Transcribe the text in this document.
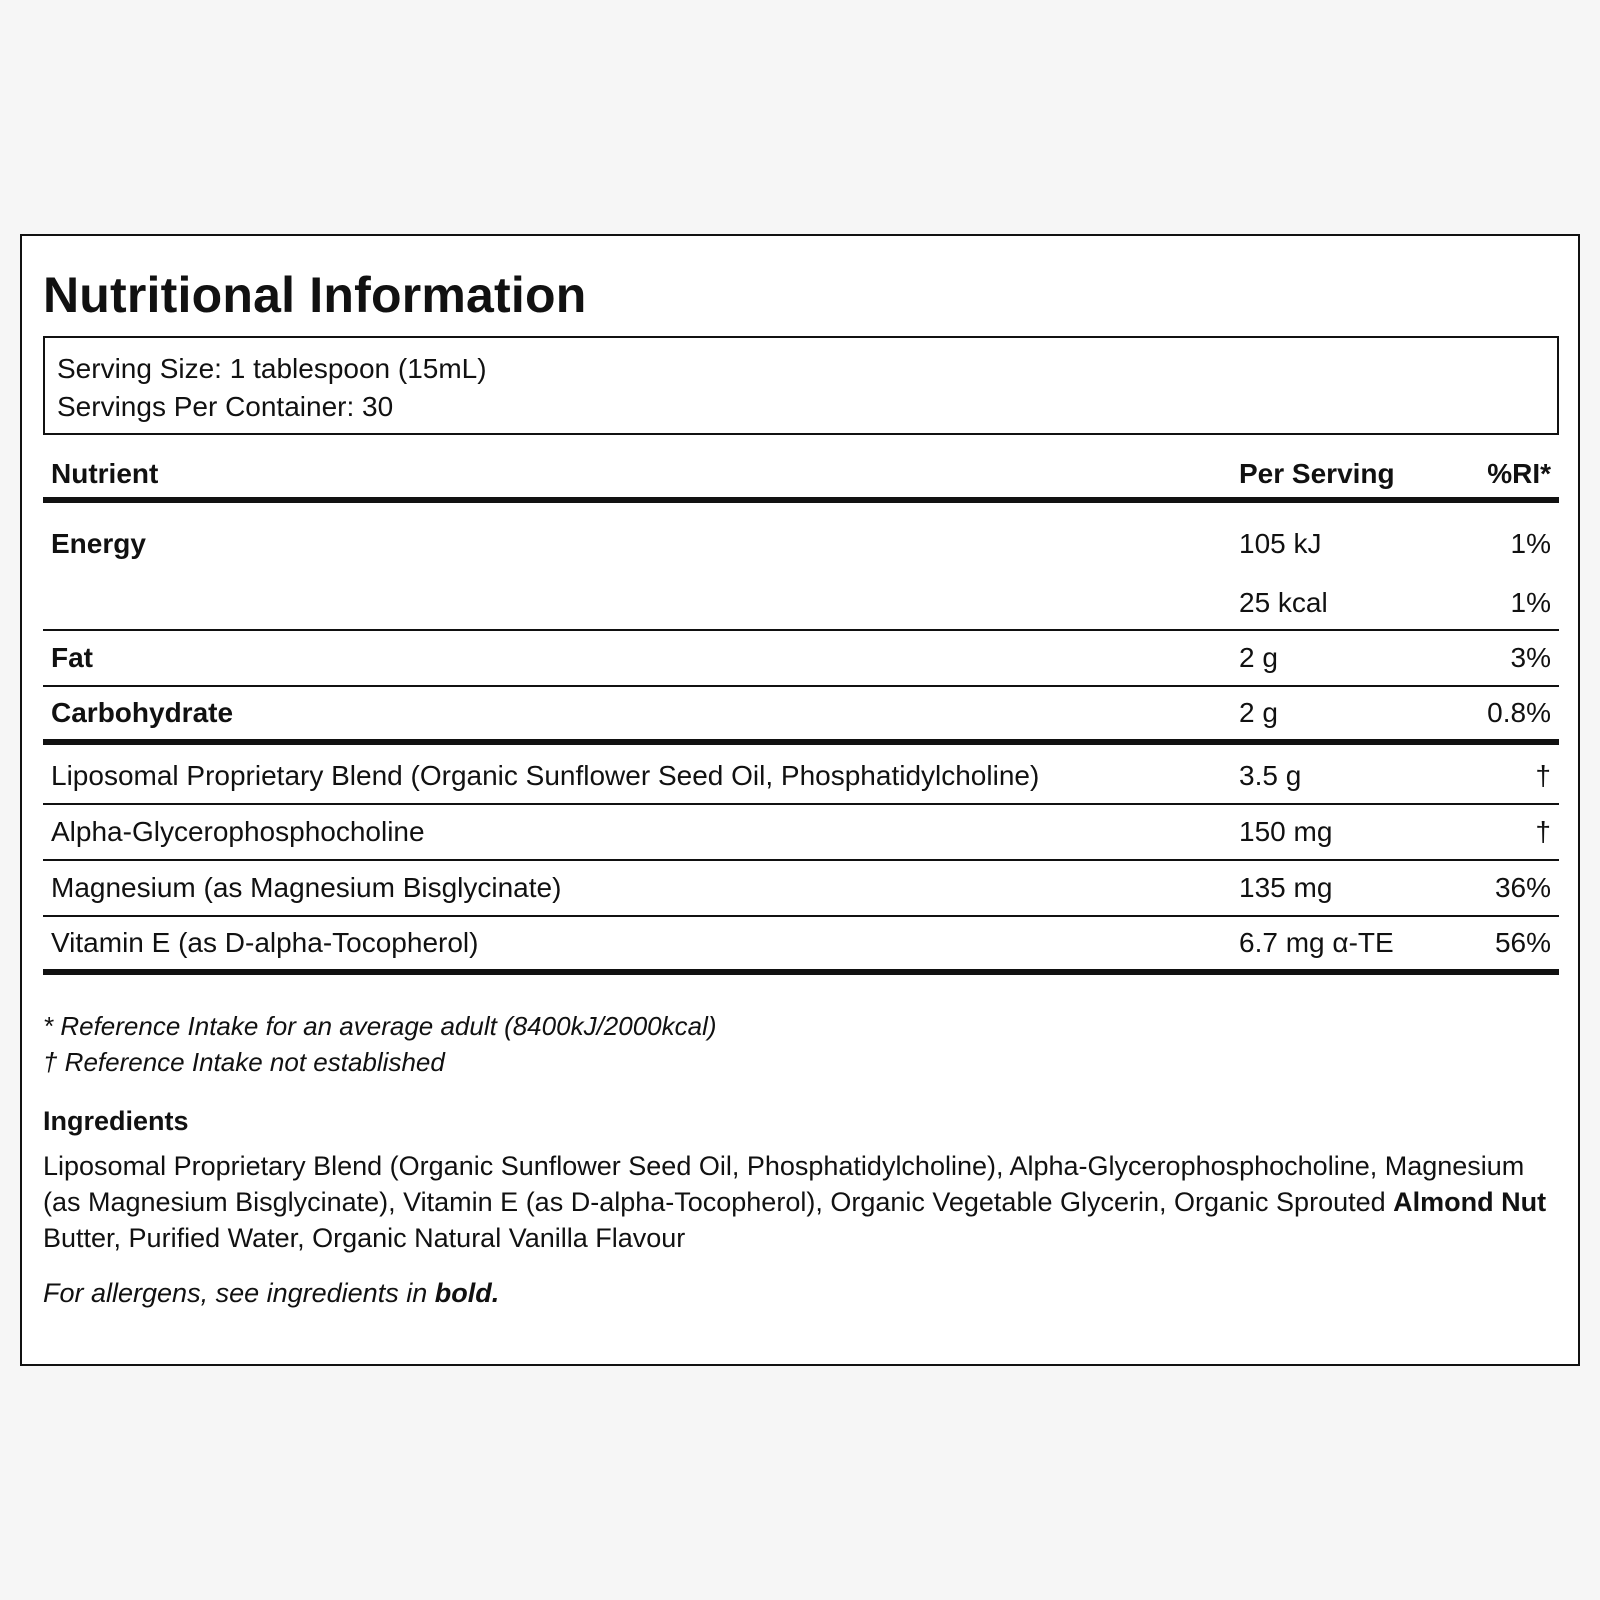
Nutritional Information
Serving Size: 1 tablespoon (15mL)
Servings Per Container: 30
Nutrient	Per Serving	%RI*
Energy	105 kJ	1%
	25 kcal	1%
Fat	2 g	3%
Carbohydrate	2 g	0.8%
Liposomal Proprietary Blend (Organic Sunflower Seed Oil, Phosphatidylcholine)	3.5 g	†
Alpha-Glycerophosphocholine	150 mg	†
Magnesium (as Magnesium Bisglycinate)	135 mg	36%
Vitamin E (as D-alpha-Tocopherol)	6.7 mg α-TE	56%
* Reference Intake for an average adult (8400kJ/2000kcal)
† Reference Intake not established
Ingredients
Liposomal Proprietary Blend (Organic Sunflower Seed Oil, Phosphatidylcholine), Alpha-Glycerophosphocholine, Magnesium (as Magnesium Bisglycinate), Vitamin E (as D-alpha-Tocopherol), Organic Vegetable Glycerin, Organic Sprouted Almond Nut Butter, Purified Water, Organic Natural Vanilla Flavour
For allergens, see ingredients in bold.
